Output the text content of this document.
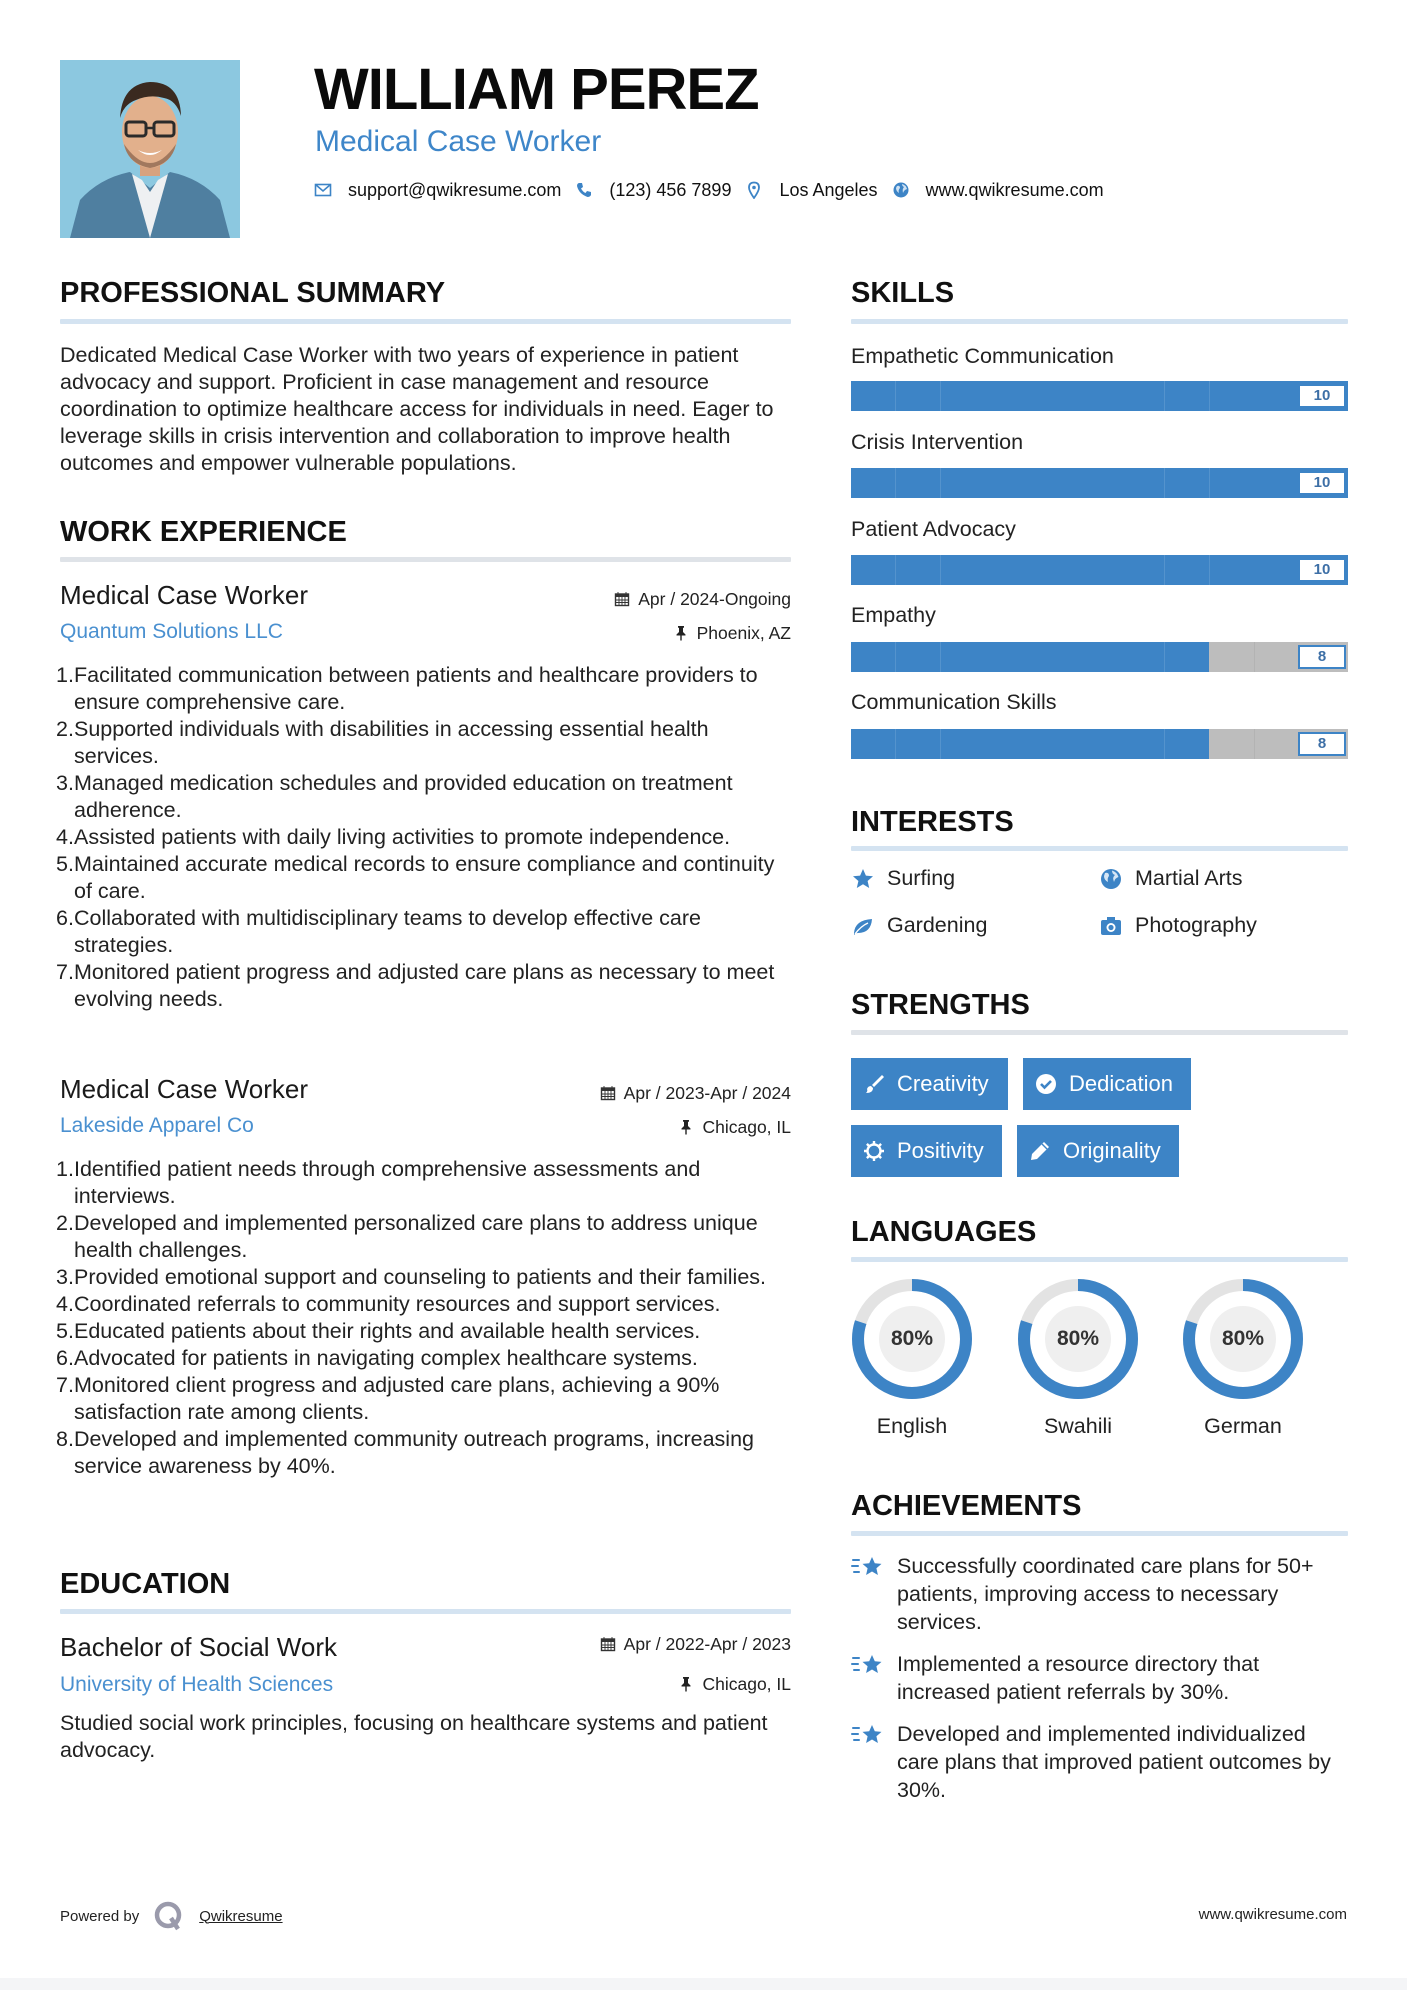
WILLIAM PEREZ
Medical Case Worker
support@qwikresume.com	(123) 456 7899	Los Angeles	www.qwikresume.com
PROFESSIONAL SUMMARY
Dedicated Medical Case Worker with two years of experience in patient advocacy and support. Proficient in case management and resource coordination to optimize healthcare access for individuals in need. Eager to leverage skills in crisis intervention and collaboration to improve health outcomes and empower vulnerable populations.
WORK EXPERIENCE
Medical Case Worker	Apr / 2024-Ongoing
Quantum Solutions LLC	Phoenix, AZ
1. Facilitated communication between patients and healthcare providers to ensure comprehensive care.
2. Supported individuals with disabilities in accessing essential health services.
3. Managed medication schedules and provided education on treatment adherence.
4. Assisted patients with daily living activities to promote independence.
5. Maintained accurate medical records to ensure compliance and continuity of care.
6. Collaborated with multidisciplinary teams to develop effective care strategies.
7. Monitored patient progress and adjusted care plans as necessary to meet evolving needs.
Medical Case Worker	Apr / 2023-Apr / 2024
Lakeside Apparel Co	Chicago, IL
1. Identified patient needs through comprehensive assessments and interviews.
2. Developed and implemented personalized care plans to address unique health challenges.
3. Provided emotional support and counseling to patients and their families.
4. Coordinated referrals to community resources and support services.
5. Educated patients about their rights and available health services.
6. Advocated for patients in navigating complex healthcare systems.
7. Monitored client progress and adjusted care plans, achieving a 90% satisfaction rate among clients.
8. Developed and implemented community outreach programs, increasing service awareness by 40%.
EDUCATION
Bachelor of Social Work	Apr / 2022-Apr / 2023
University of Health Sciences	Chicago, IL
Studied social work principles, focusing on healthcare systems and patient advocacy.
SKILLS
Empathetic Communication
10
Crisis Intervention
10
Patient Advocacy
10
Empathy
8
Communication Skills
8
INTERESTS
Surfing	Martial Arts
Gardening	Photography
STRENGTHS
Creativity	Dedication
Positivity	Originality
LANGUAGES
80%
English
80%
Swahili
80%
German
ACHIEVEMENTS
Successfully coordinated care plans for 50+ patients, improving access to necessary services.
Implemented a resource directory that increased patient referrals by 30%.
Developed and implemented individualized care plans that improved patient outcomes by 30%.
Powered by	Qwikresume	www.qwikresume.com
